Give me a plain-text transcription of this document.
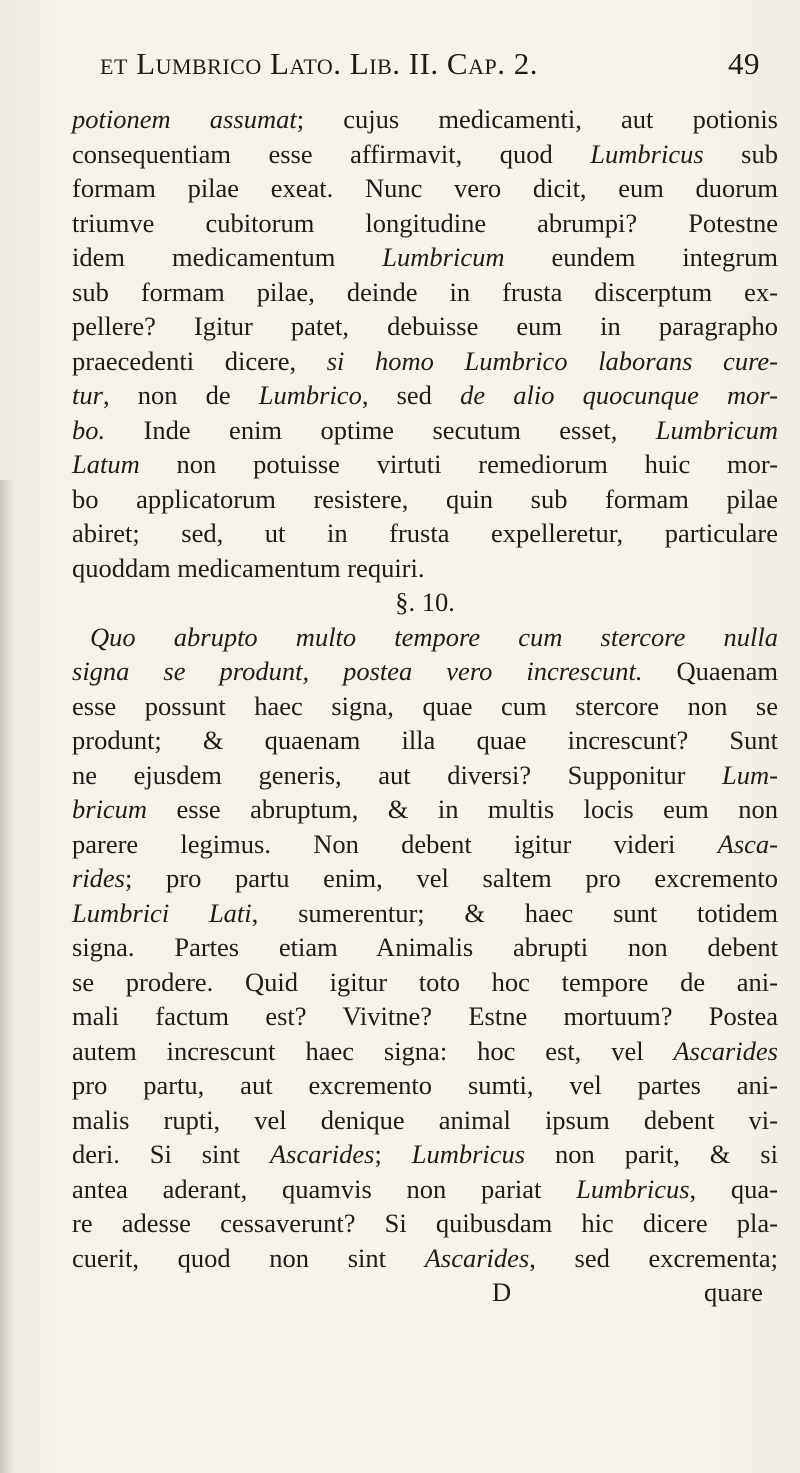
et Lumbrico Lato. Lib. II. Cap. 2.	49
potionem assumat; cujus medicamenti, aut potionis
consequentiam esse affirmavit, quod Lumbricus sub
formam pilae exeat. Nunc vero dicit, eum duorum
triumve cubitorum longitudine abrumpi? Potestne
idem medicamentum Lumbricum eundem integrum
sub formam pilae, deinde in frusta discerptum ex-
pellere? Igitur patet, debuisse eum in paragrapho
praecedenti dicere, si homo Lumbrico laborans cure-
tur, non de Lumbrico, sed de alio quocunque mor-
bo. Inde enim optime secutum esset, Lumbricum
Latum non potuisse virtuti remediorum huic mor-
bo applicatorum resistere, quin sub formam pilae
abiret; sed, ut in frusta expelleretur, particulare
quoddam medicamentum requiri.
§. 10.
Quo abrupto multo tempore cum stercore nulla
signa se produnt, postea vero increscunt. Quaenam
esse possunt haec signa, quae cum stercore non se
produnt; & quaenam illa quae increscunt? Sunt
ne ejusdem generis, aut diversi? Supponitur Lum-
bricum esse abruptum, & in multis locis eum non
parere legimus. Non debent igitur videri Asca-
rides; pro partu enim, vel saltem pro excremento
Lumbrici Lati, sumerentur; & haec sunt totidem
signa. Partes etiam Animalis abrupti non debent
se prodere. Quid igitur toto hoc tempore de ani-
mali factum est? Vivitne? Estne mortuum? Postea
autem increscunt haec signa: hoc est, vel Ascarides
pro partu, aut excremento sumti, vel partes ani-
malis rupti, vel denique animal ipsum debent vi-
deri. Si sint Ascarides; Lumbricus non parit, & si
antea aderant, quamvis non pariat Lumbricus, qua-
re adesse cessaverunt? Si quibusdam hic dicere pla-
cuerit, quod non sint Ascarides, sed excrementa;
D	quare
